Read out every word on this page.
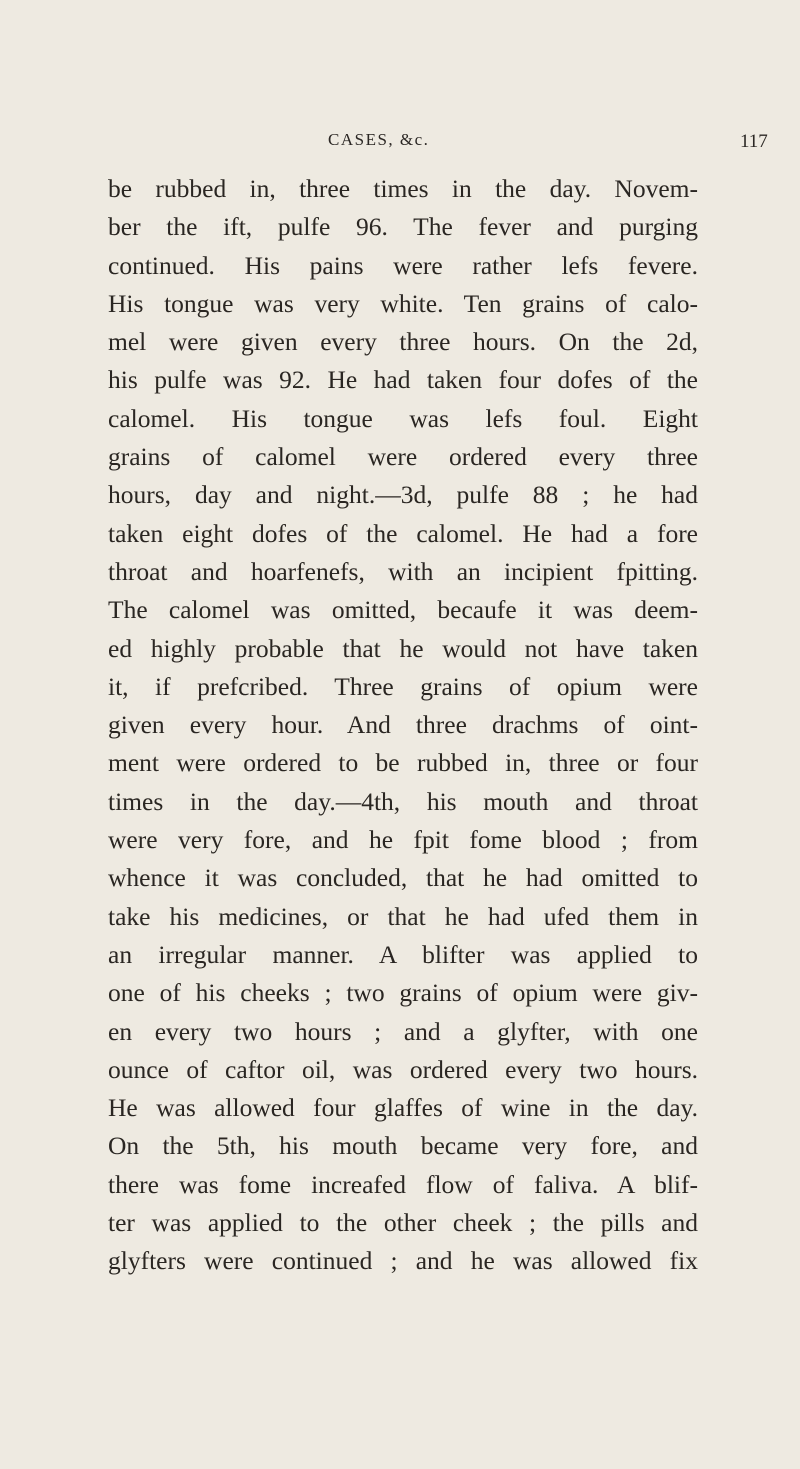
CASES, &c.	117
be rubbed in, three times in the day. Novem-
ber the ift, pulfe 96. The fever and purging
continued. His pains were rather lefs fevere.
His tongue was very white. Ten grains of calo-
mel were given every three hours. On the 2d,
his pulfe was 92. He had taken four dofes of the
calomel. His tongue was lefs foul. Eight
grains of calomel were ordered every three
hours, day and night.—3d, pulfe 88 ; he had
taken eight dofes of the calomel. He had a fore
throat and hoarfenefs, with an incipient fpitting.
The calomel was omitted, becaufe it was deem-
ed highly probable that he would not have taken
it, if prefcribed. Three grains of opium were
given every hour. And three drachms of oint-
ment were ordered to be rubbed in, three or four
times in the day.—4th, his mouth and throat
were very fore, and he fpit fome blood ; from
whence it was concluded, that he had omitted to
take his medicines, or that he had ufed them in
an irregular manner. A blifter was applied to
one of his cheeks ; two grains of opium were giv-
en every two hours ; and a glyfter, with one
ounce of caftor oil, was ordered every two hours.
He was allowed four glaffes of wine in the day.
On the 5th, his mouth became very fore, and
there was fome increafed flow of faliva. A blif-
ter was applied to the other cheek ; the pills and
glyfters were continued ; and he was allowed fix
